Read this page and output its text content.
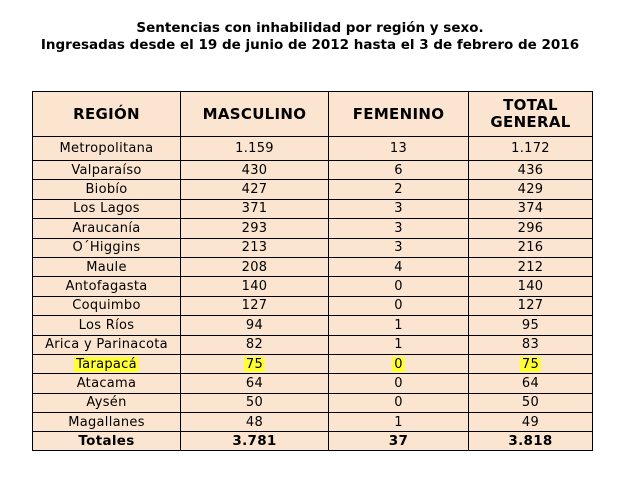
Sentencias con inhabilidad por región y sexo.
Ingresadas desde el 19 de junio de 2012 hasta el 3 de febrero de 2016
REGIÓN	MASCULINO	FEMENINO	TOTAL
GENERAL
Metropolitana	1.159	13	1.172
Valparaíso	430	6	436
Biobío	427	2	429
Los Lagos	371	3	374
Araucanía	293	3	296
O´Higgins	213	3	216
Maule	208	4	212
Antofagasta	140	0	140
Coquimbo	127	0	127
Los Ríos	94	1	95
Arica y Parinacota	82	1	83
Tarapacá	75	0	75
Atacama	64	0	64
Aysén	50	0	50
Magallanes	48	1	49
Totales	3.781	37	3.818
